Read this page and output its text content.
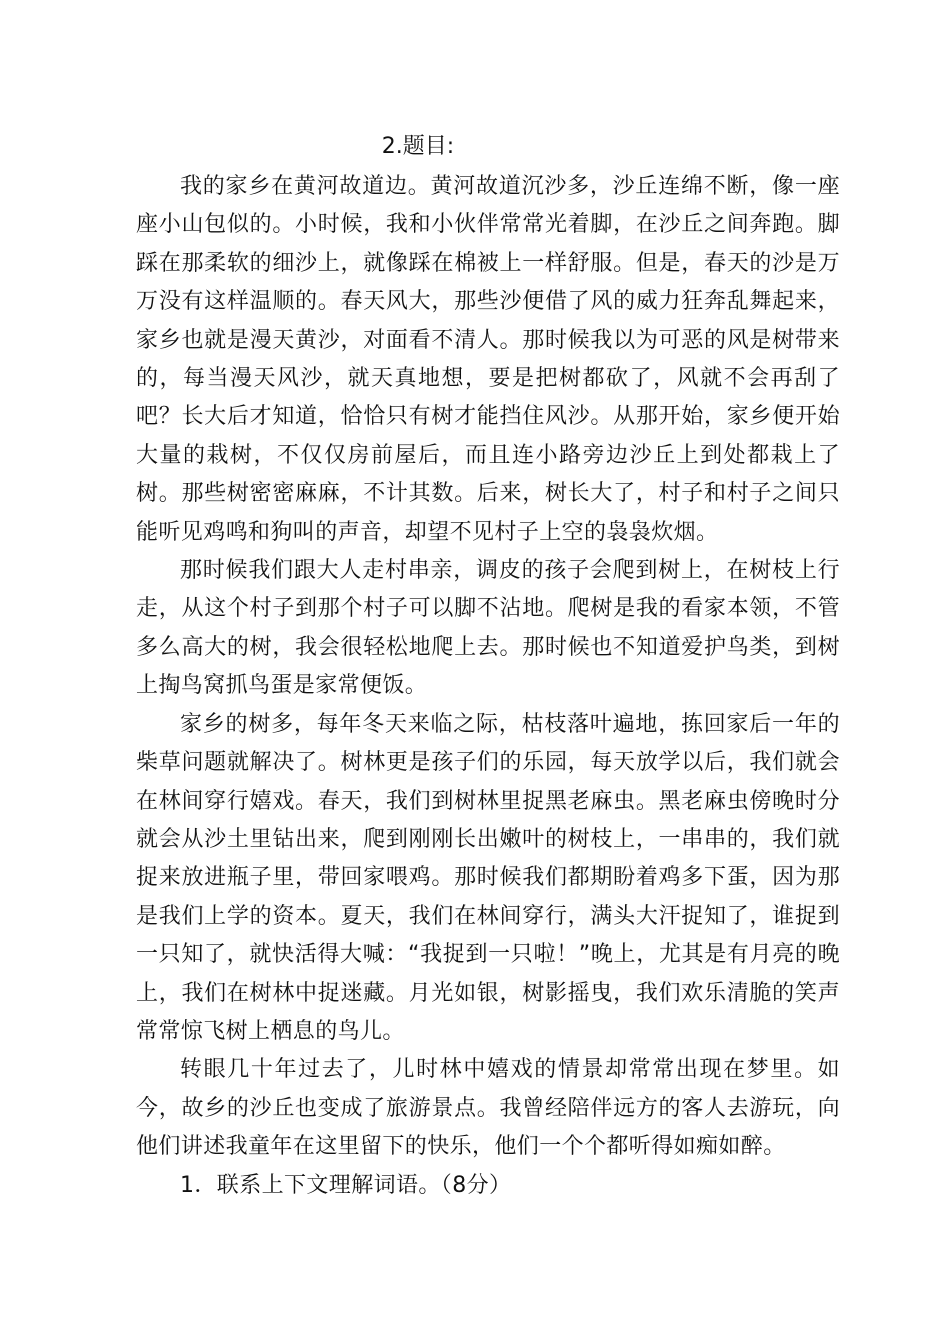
2.题目:

我的家乡在黄河故道边。黄河故道沉沙多，沙丘连绵不断，像一座座小山包似的。小时候，我和小伙伴常常光着脚，在沙丘之间奔跑。脚踩在那柔软的细沙上，就像踩在棉被上一样舒服。但是，春天的沙是万万没有这样温顺的。春天风大，那些沙便借了风的威力狂奔乱舞起来，家乡也就是漫天黄沙，对面看不清人。那时候我以为可恶的风是树带来的，每当漫天风沙，就天真地想，要是把树都砍了，风就不会再刮了吧？长大后才知道，恰恰只有树才能挡住风沙。从那开始，家乡便开始大量的栽树，不仅仅房前屋后，而且连小路旁边沙丘上到处都栽上了树。那些树密密麻麻，不计其数。后来，树长大了，村子和村子之间只能听见鸡鸣和狗叫的声音，却望不见村子上空的袅袅炊烟。

那时候我们跟大人走村串亲，调皮的孩子会爬到树上，在树枝上行走，从这个村子到那个村子可以脚不沾地。爬树是我的看家本领，不管多么高大的树，我会很轻松地爬上去。那时候也不知道爱护鸟类，到树上掏鸟窝抓鸟蛋是家常便饭。

家乡的树多，每年冬天来临之际，枯枝落叶遍地，拣回家后一年的柴草问题就解决了。树林更是孩子们的乐园，每天放学以后，我们就会在林间穿行嬉戏。春天，我们到树林里捉黑老麻虫。黑老麻虫傍晚时分就会从沙土里钻出来，爬到刚刚长出嫩叶的树枝上，一串串的，我们就捉来放进瓶子里，带回家喂鸡。那时候我们都期盼着鸡多下蛋，因为那是我们上学的资本。夏天，我们在林间穿行，满头大汗捉知了，谁捉到一只知了，就快活得大喊：“我捉到一只啦！”晚上，尤其是有月亮的晚上，我们在树林中捉迷藏。月光如银，树影摇曳，我们欢乐清脆的笑声常常惊飞树上栖息的鸟儿。

转眼几十年过去了，儿时林中嬉戏的情景却常常出现在梦里。如今，故乡的沙丘也变成了旅游景点。我曾经陪伴远方的客人去游玩，向他们讲述我童年在这里留下的快乐，他们一个个都听得如痴如醉。

1．联系上下文理解词语。（8分）
